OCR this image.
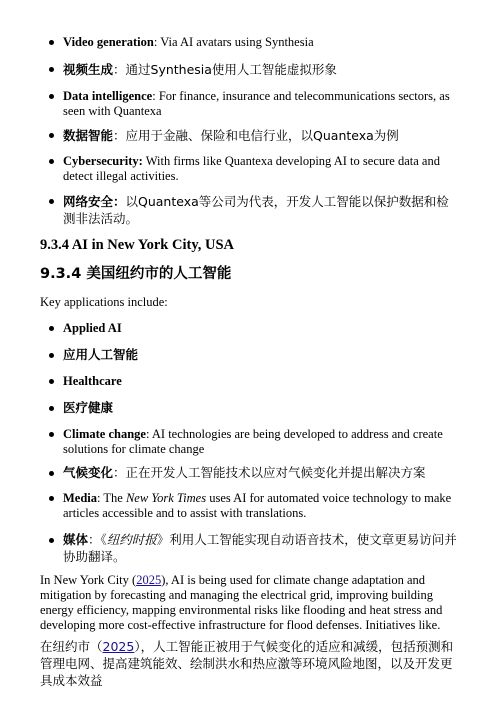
Video generation: Via AI avatars using Synthesia
视频生成：通过Synthesia使用人工智能虚拟形象
Data intelligence: For finance, insurance and telecommunications sectors, as seen with Quantexa
数据智能：应用于金融、保险和电信行业，以Quantexa为例
Cybersecurity: With firms like Quantexa developing AI to secure data and detect illegal activities.
网络安全：以Quantexa等公司为代表，开发人工智能以保护数据和检测非法活动。
9.3.4 AI in New York City, USA
9.3.4 美国纽约市的人工智能
Key applications include:
Applied AI
应用人工智能
Healthcare
医疗健康
Climate change: AI technologies are being developed to address and create solutions for climate change
气候变化：正在开发人工智能技术以应对气候变化并提出解决方案
Media: The New York Times uses AI for automated voice technology to make articles accessible and to assist with translations.
媒体：《纽约时报》利用人工智能实现自动语音技术，使文章更易访问并协助翻译。
In New York City (2025), AI is being used for climate change adaptation and mitigation by forecasting and managing the electrical grid, improving building energy efficiency, mapping environmental risks like flooding and heat stress and developing more cost-effective infrastructure for flood defenses. Initiatives like.
在纽约市（2025），人工智能正被用于气候变化的适应和减缓，包括预测和管理电网、提高建筑能效、绘制洪水和热应激等环境风险地图，以及开发更具成本效益
